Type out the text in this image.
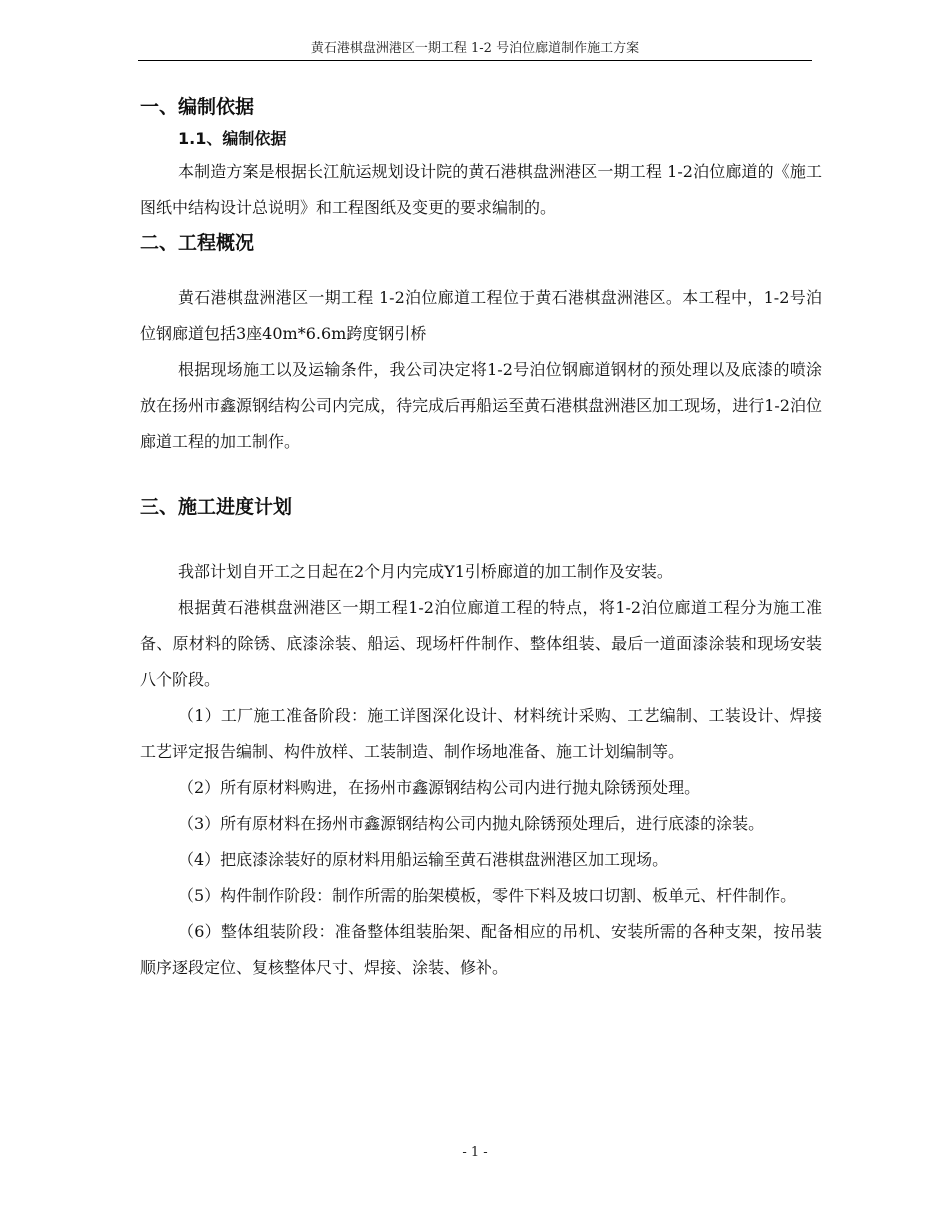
黄石港棋盘洲港区一期工程 1-2 号泊位廊道制作施工方案
一、编制依据
1.1、编制依据

本制造方案是根据长江航运规划设计院的黄石港棋盘洲港区一期工程 1-2泊位廊道的《施工图纸中结构设计总说明》和工程图纸及变更的要求编制的。

二、工程概况

黄石港棋盘洲港区一期工程 1-2泊位廊道工程位于黄石港棋盘洲港区。本工程中，1-2号泊位钢廊道包括3座40m*6.6m跨度钢引桥

根据现场施工以及运输条件，我公司决定将1-2号泊位钢廊道钢材的预处理以及底漆的喷涂放在扬州市鑫源钢结构公司内完成，待完成后再船运至黄石港棋盘洲港区加工现场，进行1-2泊位廊道工程的加工制作。

三、施工进度计划

我部计划自开工之日起在2个月内完成Y1引桥廊道的加工制作及安装。

根据黄石港棋盘洲港区一期工程1-2泊位廊道工程的特点，将1-2泊位廊道工程分为施工准备、原材料的除锈、底漆涂装、船运、现场杆件制作、整体组装、最后一道面漆涂装和现场安装八个阶段。

（1）工厂施工准备阶段：施工详图深化设计、材料统计采购、工艺编制、工装设计、焊接工艺评定报告编制、构件放样、工装制造、制作场地准备、施工计划编制等。

（2）所有原材料购进，在扬州市鑫源钢结构公司内进行抛丸除锈预处理。

（3）所有原材料在扬州市鑫源钢结构公司内抛丸除锈预处理后，进行底漆的涂装。

（4）把底漆涂装好的原材料用船运输至黄石港棋盘洲港区加工现场。

（5）构件制作阶段：制作所需的胎架模板，零件下料及坡口切割、板单元、杆件制作。

（6）整体组装阶段：准备整体组装胎架、配备相应的吊机、安装所需的各种支架，按吊装顺序逐段定位、复核整体尺寸、焊接、涂装、修补。

- 1 -
